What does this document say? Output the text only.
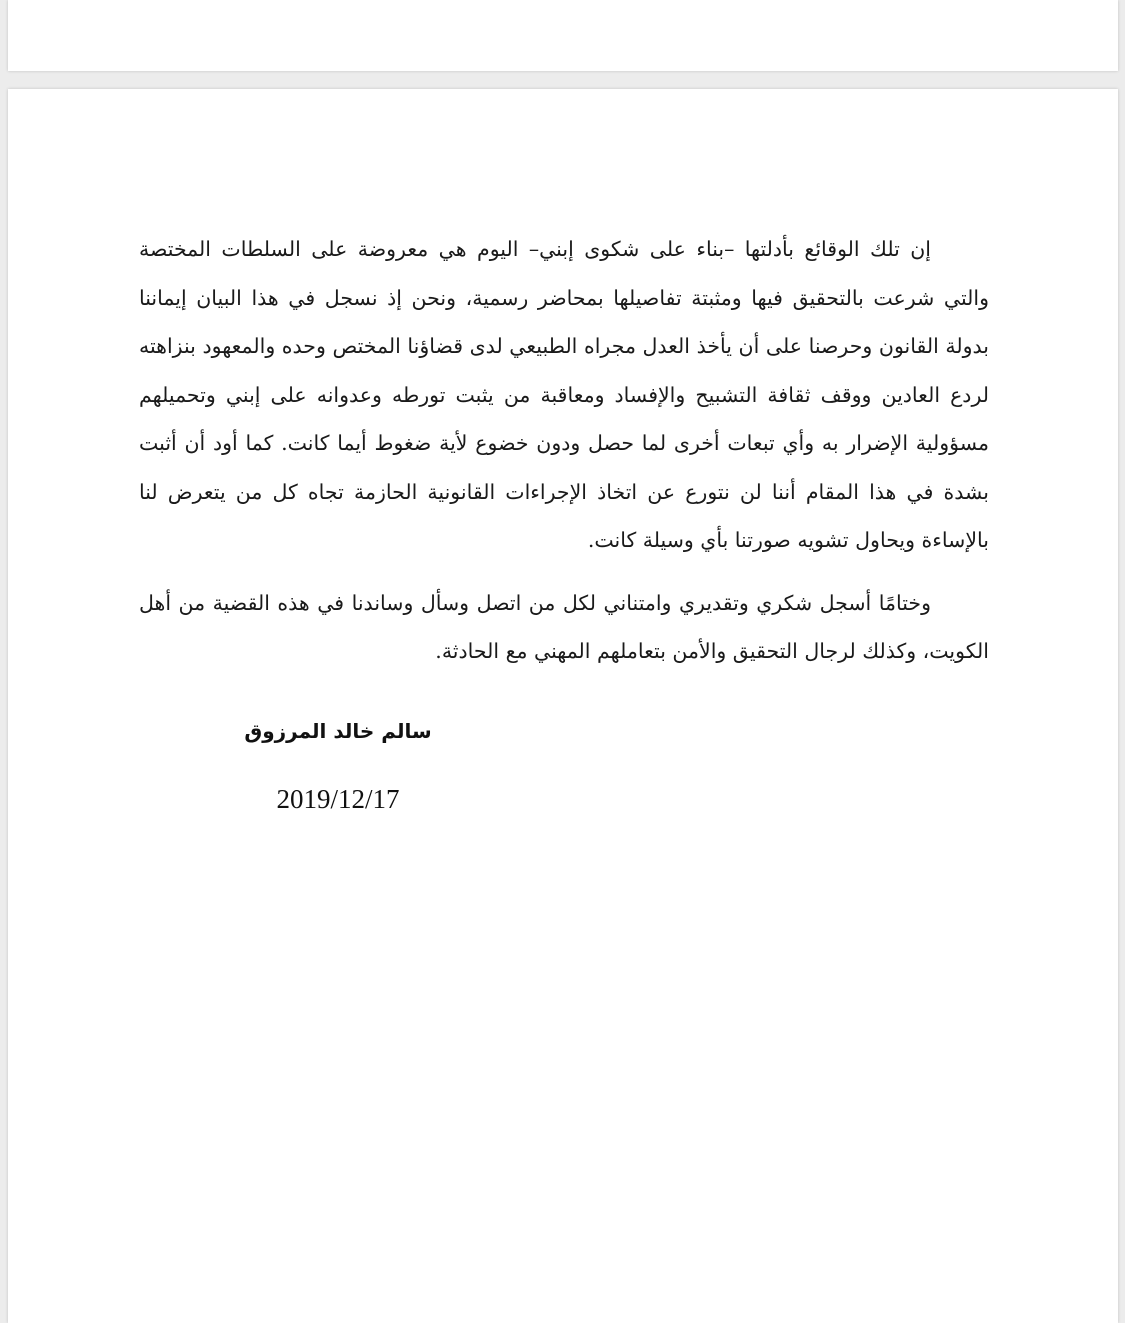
إن تلك الوقائع بأدلتها –بناء على شكوى إبني– اليوم هي معروضة على السلطات المختصة والتي شرعت بالتحقيق فيها ومثبتة تفاصيلها بمحاضر رسمية، ونحن إذ نسجل في هذا البيان إيماننا بدولة القانون وحرصنا على أن يأخذ العدل مجراه الطبيعي لدى قضاؤنا المختص وحده والمعهود بنزاهته لردع العادين ووقف ثقافة التشبيح والإفساد ومعاقبة من يثبت تورطه وعدوانه على إبني وتحميلهم مسؤولية الإضرار به وأي تبعات أخرى لما حصل ودون خضوع لأية ضغوط أيما كانت. كما أود أن أثبت بشدة في هذا المقام أننا لن نتورع عن اتخاذ الإجراءات القانونية الحازمة تجاه كل من يتعرض لنا بالإساءة ويحاول تشويه صورتنا بأي وسيلة كانت.

وختامًا أسجل شكري وتقديري وامتناني لكل من اتصل وسأل وساندنا في هذه القضية من أهل الكويت، وكذلك لرجال التحقيق والأمن بتعاملهم المهني مع الحادثة.

سالم خالد المرزوق
2019/12/17
